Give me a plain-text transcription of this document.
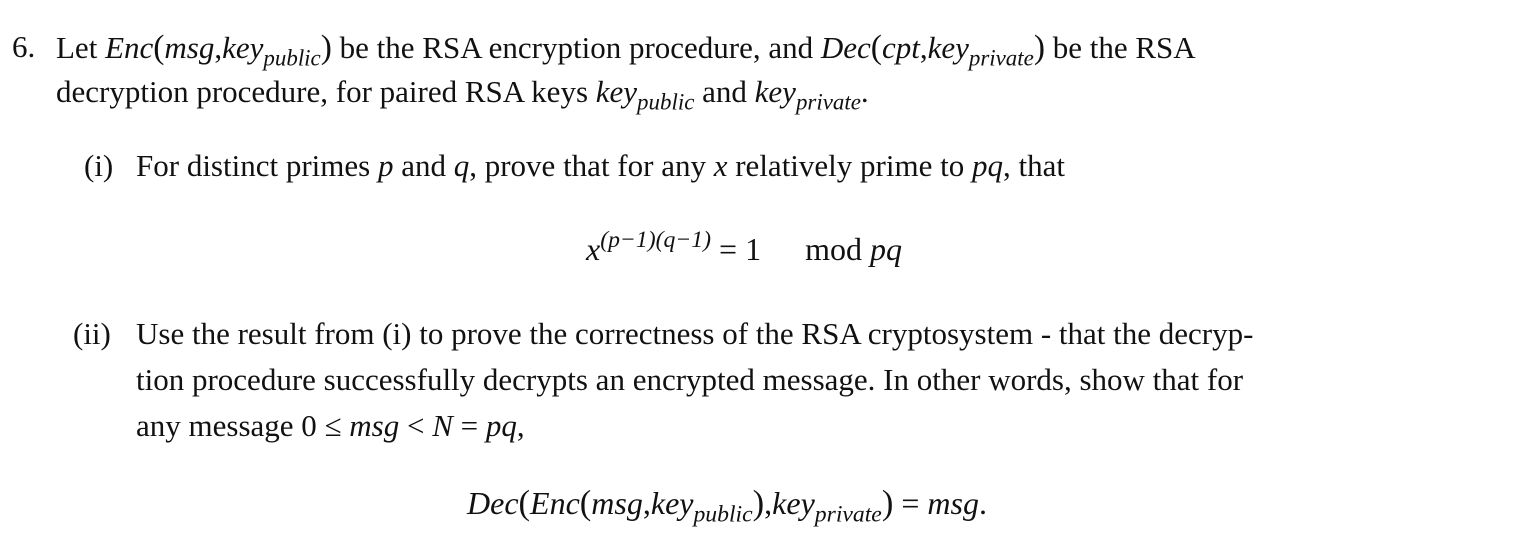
6. Let Enc(msg,key$_{public}$) be the RSA encryption procedure, and Dec(cpt,key$_{private}$) be the RSA
decryption procedure, for paired RSA keys key$_{public}$ and key$_{private}$.
(i) For distinct primes p and q, prove that for any x relatively prime to pq, that
$x^{(p-1)(q-1)} = 1$ mod pq
(ii) Use the result from (i) to prove the correctness of the RSA cryptosystem - that the decryp-
tion procedure successfully decrypts an encrypted message. In other words, show that for
any message 0 ≤ msg < N = pq,
Dec(Enc(msg,key$_{public}$),key$_{private}$) = msg.
